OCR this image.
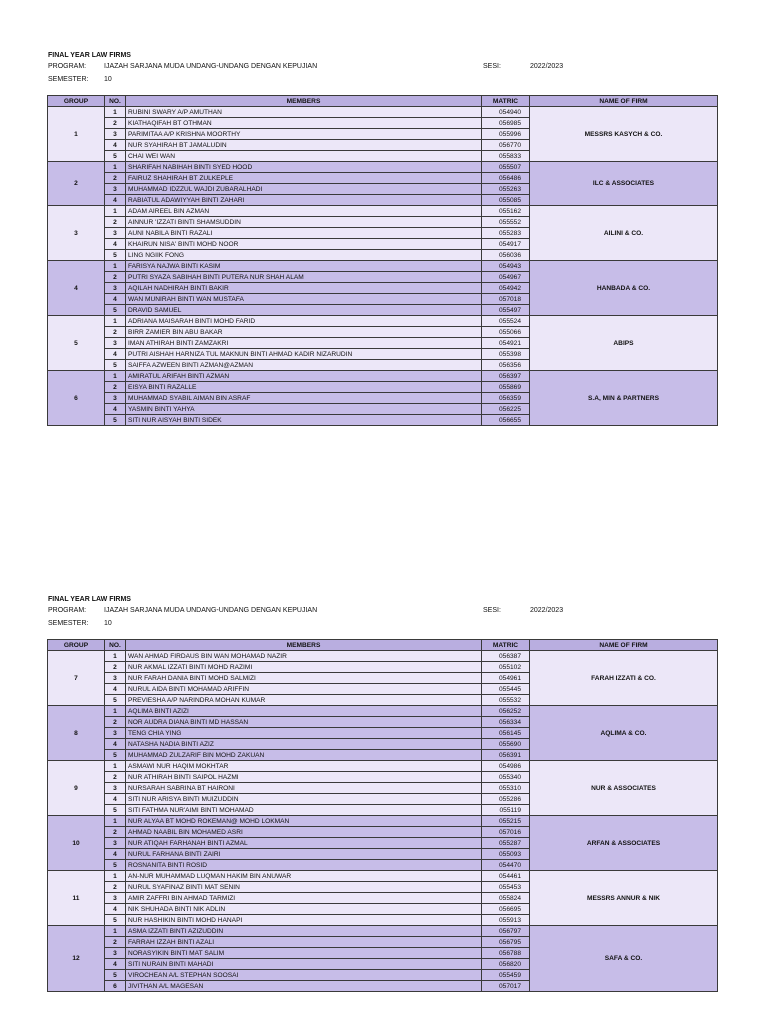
FINAL YEAR LAW FIRMS
PROGRAM:	IJAZAH SARJANA MUDA UNDANG-UNDANG DENGAN KEPUJIAN	SESI:	2022/2023
SEMESTER: 10
GROUP	NO.	MEMBERS	MATRIC	NAME OF FIRM
1	1	RUBINI SWARY A/P AMUTHAN	054940	MESSRS KASYCH & CO.
	2	KIATHAQIFAH BT OTHMAN	056985	
	3	PARIMITAA A/P KRISHNA MOORTHY	055996	
	4	NUR SYAHIRAH BT JAMALUDIN	056770	
	5	CHAI WEI WAN	055833	
2	1	SHARIFAH NABIHAH BINTI SYED HOOD	055507	ILC & ASSOCIATES
	2	FAIRUZ SHAHIRAH BT ZULKEPLE	056486	
	3	MUHAMMAD IDZZUL WAJDI ZUBARALHADI	055263	
	4	RABIATUL ADAWIYYAH BINTI ZAHARI	055085	
3	1	ADAM AIREEL BIN AZMAN	055162	AILINI & CO.
	2	AINNUR 'IZZATI BINTI SHAMSUDDIN	055552	
	3	AUNI NABILA BINTI RAZALI	055283	
	4	KHAIRUN NISA' BINTI MOHD NOOR	054917	
	5	LING NGIIK FONG	056036	
4	1	FARISYA NAJWA BINTI KASIM	054943	HANBADA & CO.
	2	PUTRI SYAZA SABIHAH BINTI PUTERA NUR SHAH ALAM	054967	
	3	AQILAH NADHIRAH BINTI BAKIR	054942	
	4	WAN MUNIRAH BINTI WAN MUSTAFA	057018	
	5	DRAVID SAMUEL	055497	
5	1	ADRIANA MAISARAH BINTI MOHD FARID	055524	ABIPS
	2	BIRR ZAMIER BIN ABU BAKAR	055066	
	3	IMAN ATHIRAH BINTI ZAMZAKRI	054921	
	4	PUTRI AISHAH HARNIZA TUL MAKNUN BINTI AHMAD KADIR NIZARUDIN	055398	
	5	SAIFFA AZWEEN BINTI AZMAN@AZMAN	056356	
6	1	AMIRATUL ARIFAH BINTI AZMAN	056397	S.A, MIN & PARTNERS
	2	EISYA BINTI RAZALLE	055869	
	3	MUHAMMAD SYABIL AIMAN BIN ASRAF	056359	
	4	YASMIN BINTI YAHYA	056225	
	5	SITI NUR AISYAH BINTI SIDEK	056655	
FINAL YEAR LAW FIRMS
PROGRAM:	IJAZAH SARJANA MUDA UNDANG-UNDANG DENGAN KEPUJIAN	SESI:	2022/2023
SEMESTER: 10
GROUP	NO.	MEMBERS	MATRIC	NAME OF FIRM
7	1	WAN AHMAD FIRDAUS BIN WAN MOHAMAD NAZIR	056387	FARAH IZZATI & CO.
	2	NUR AKMAL IZZATI BINTI MOHD RAZIMI	055102	
	3	NUR FARAH DANIA BINTI MOHD SALMIZI	054961	
	4	NURUL AIDA BINTI MOHAMAD ARIFFIN	055445	
	5	PREVIESHA A/P NARINDRA MOHAN KUMAR	055532	
8	1	AQLIMA BINTI AZIZI	056252	AQLIMA & CO.
	2	NOR AUDRA DIANA BINTI MD HASSAN	056334	
	3	TENG CHIA YING	056145	
	4	NATASHA NADIA BINTI AZIZ	055690	
	5	MUHAMMAD ZULZARIF BIN MOHD ZAKUAN	056391	
9	1	ASMAWI NUR HAQIM MOKHTAR	054986	NUR & ASSOCIATES
	2	NUR ATHIRAH BINTI SAIPOL HAZMI	055340	
	3	NURSARAH SABRINA BT HAIRONI	055310	
	4	SITI NUR ARISYA BINTI MUIZUDDIN	055286	
	5	SITI FATHMA NUR'AIMI BINTI MOHAMAD	055119	
10	1	NUR ALYAA BT MOHD ROKEMAN@ MOHD LOKMAN	055215	ARFAN & ASSOCIATES
	2	AHMAD NAABIL BIN MOHAMED ASRI	057016	
	3	NUR ATIQAH FARHANAH BINTI AZMAL	055287	
	4	NURUL FARHANA BINTI ZAIRI	055093	
	5	ROSNANITA BINTI ROSID	054470	
11	1	AN-NUR MUHAMMAD LUQMAN HAKIM BIN ANUWAR	054461	MESSRS ANNUR & NIK
	2	NURUL SYAFINAZ BINTI MAT SENIN	055453	
	3	AMIR ZAFFRI BIN AHMAD TARMIZI	055824	
	4	NIK SHUHADA BINTI NIK ADLIN	056695	
	5	NUR HASHIKIN BINTI MOHD HANAPI	055913	
12	1	ASMA IZZATI BINTI AZIZUDDIN	056797	SAFA & CO.
	2	FARRAH IZZAH BINTI AZALI	056795	
	3	NORASYIKIN BINTI MAT SALIM	056788	
	4	SITI NURAIN BINTI MAHADI	056820	
	5	VIROCHEAN A/L STEPHAN SOOSAI	055459	
	6	JIVITHAN A/L MAGESAN	057017	
